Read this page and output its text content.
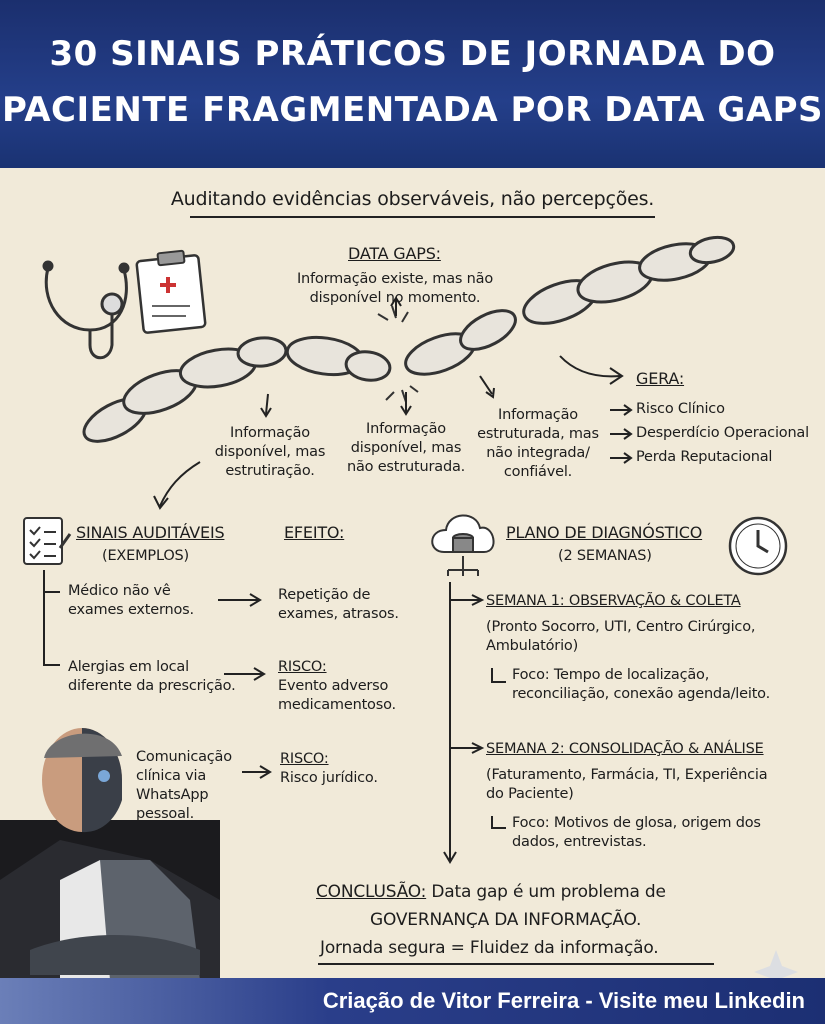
30 SINAIS PRÁTICOS DE JORNADA DO
PACIENTE FRAGMENTADA POR DATA GAPS
Auditando evidências observáveis, não percepções.
DATA GAPS:
Informação existe, mas não
disponível no momento.
Informação
disponível, mas
estrutiração.
Informação
disponível, mas
não estruturada.
Informação
estruturada, mas
não integrada/
confiável.
GERA:
Risco Clínico
Desperdício Operacional
Perda Reputacional
SINAIS AUDITÁVEIS
(EXEMPLOS)
EFEITO:
Médico não vê
exames externos.
Repetição de
exames, atrasos.
Alergias em local
diferente da prescrição.
RISCO:
Evento adverso
medicamentoso.
Comunicação
clínica via
WhatsApp
pessoal.
RISCO:
Risco jurídico.
PLANO DE DIAGNÓSTICO
(2 SEMANAS)
SEMANA 1: OBSERVAÇÃO & COLETA
(Pronto Socorro, UTI, Centro Cirúrgico,
Ambulatório)
Foco: Tempo de localização,
reconciliação, conexão agenda/leito.
SEMANA 2: CONSOLIDAÇÃO & ANÁLISE
(Faturamento, Farmácia, TI, Experiência
do Paciente)
Foco: Motivos de glosa, origem dos
dados, entrevistas.
CONCLUSÃO: Data gap é um problema de
GOVERNANÇA DA INFORMAÇÃO.
Jornada segura = Fluidez da informação.
Criação de Vitor Ferreira - Visite meu Linkedin
